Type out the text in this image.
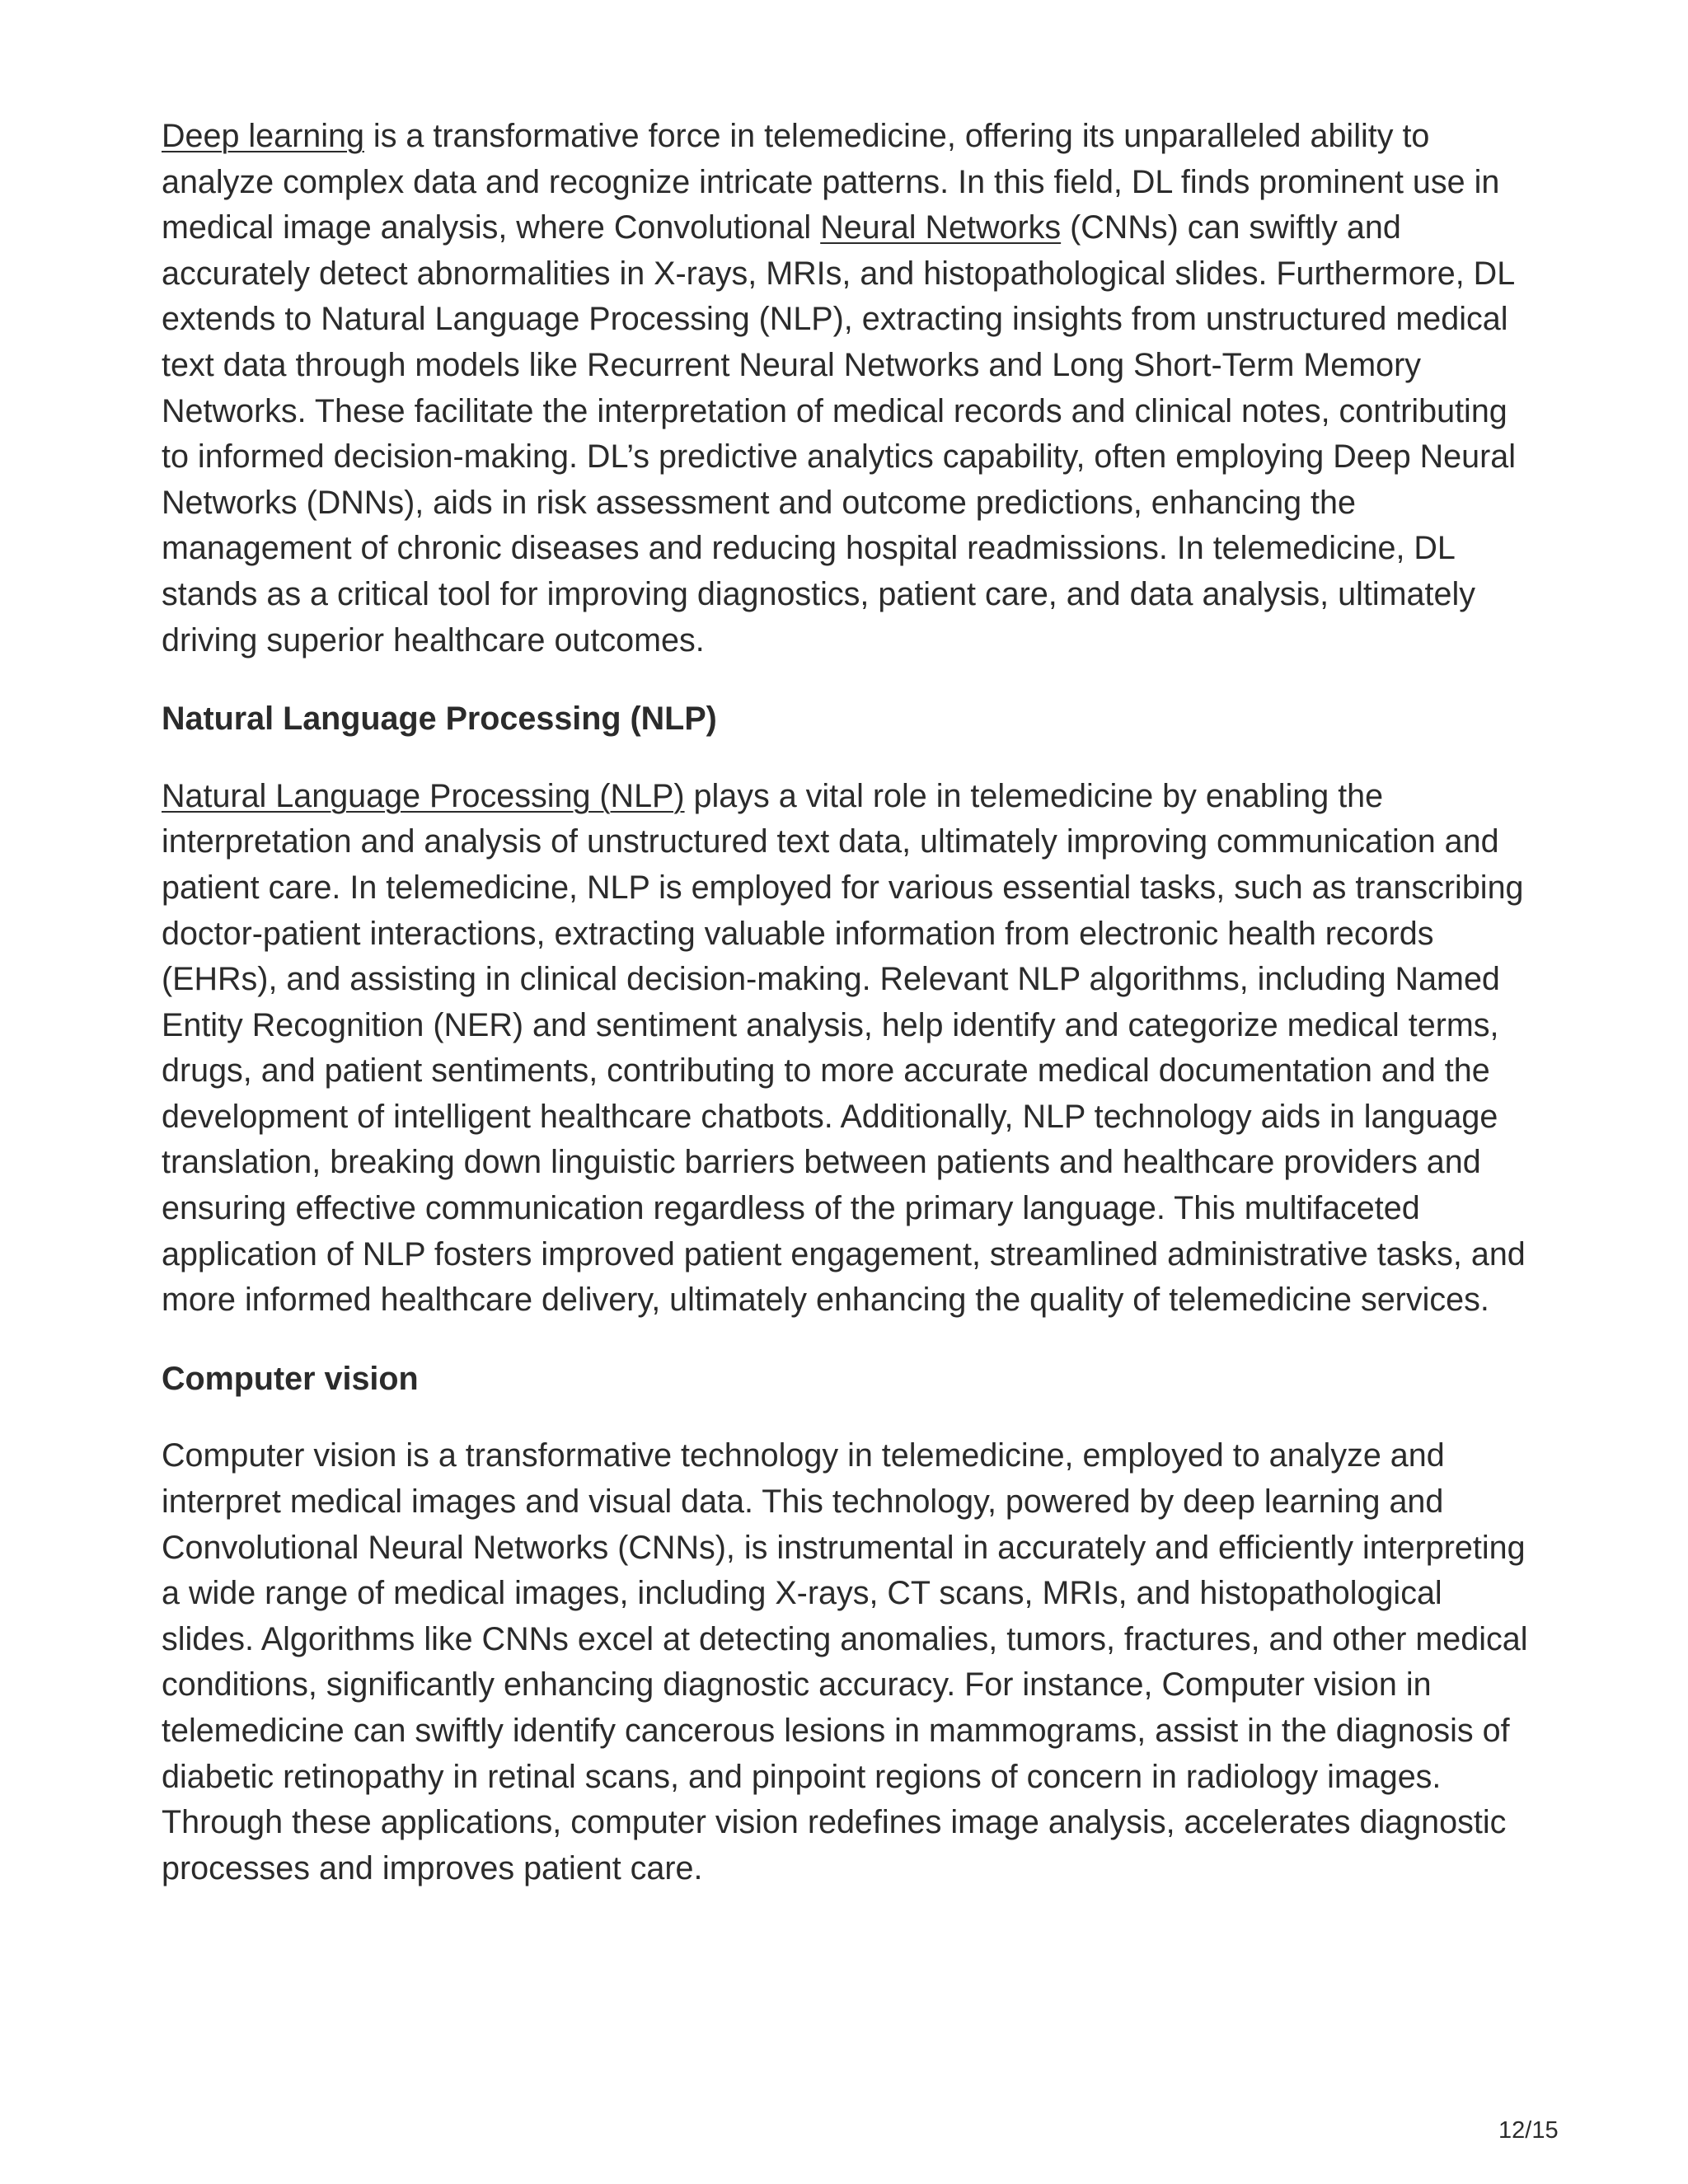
Deep learning is a transformative force in telemedicine, offering its unparalleled ability to analyze complex data and recognize intricate patterns. In this field, DL finds prominent use in medical image analysis, where Convolutional Neural Networks (CNNs) can swiftly and accurately detect abnormalities in X-rays, MRIs, and histopathological slides. Furthermore, DL extends to Natural Language Processing (NLP), extracting insights from unstructured medical text data through models like Recurrent Neural Networks and Long Short-Term Memory Networks. These facilitate the interpretation of medical records and clinical notes, contributing to informed decision-making. DL’s predictive analytics capability, often employing Deep Neural Networks (DNNs), aids in risk assessment and outcome predictions, enhancing the management of chronic diseases and reducing hospital readmissions. In telemedicine, DL stands as a critical tool for improving diagnostics, patient care, and data analysis, ultimately driving superior healthcare outcomes.

Natural Language Processing (NLP)

Natural Language Processing (NLP) plays a vital role in telemedicine by enabling the interpretation and analysis of unstructured text data, ultimately improving communication and patient care. In telemedicine, NLP is employed for various essential tasks, such as transcribing doctor-patient interactions, extracting valuable information from electronic health records (EHRs), and assisting in clinical decision-making. Relevant NLP algorithms, including Named Entity Recognition (NER) and sentiment analysis, help identify and categorize medical terms, drugs, and patient sentiments, contributing to more accurate medical documentation and the development of intelligent healthcare chatbots. Additionally, NLP technology aids in language translation, breaking down linguistic barriers between patients and healthcare providers and ensuring effective communication regardless of the primary language. This multifaceted application of NLP fosters improved patient engagement, streamlined administrative tasks, and more informed healthcare delivery, ultimately enhancing the quality of telemedicine services.

Computer vision

Computer vision is a transformative technology in telemedicine, employed to analyze and interpret medical images and visual data. This technology, powered by deep learning and Convolutional Neural Networks (CNNs), is instrumental in accurately and efficiently interpreting a wide range of medical images, including X-rays, CT scans, MRIs, and histopathological slides. Algorithms like CNNs excel at detecting anomalies, tumors, fractures, and other medical conditions, significantly enhancing diagnostic accuracy. For instance, Computer vision in telemedicine can swiftly identify cancerous lesions in mammograms, assist in the diagnosis of diabetic retinopathy in retinal scans, and pinpoint regions of concern in radiology images. Through these applications, computer vision redefines image analysis, accelerates diagnostic processes and improves patient care.

12/15
